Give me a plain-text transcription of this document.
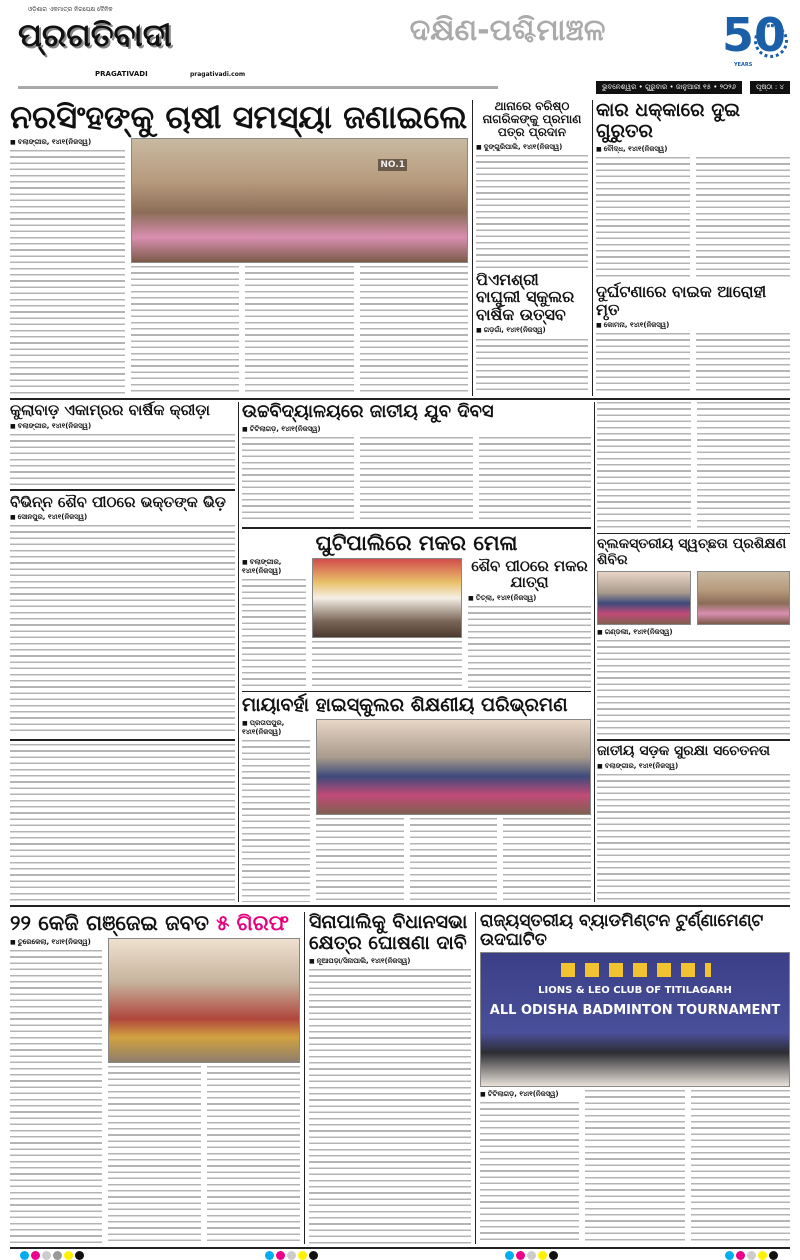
ଓଡ଼ିଶାର ଏକମାତ୍ର ନିରପେକ୍ଷ ଦୈନିକ
ପ୍ରଗତିବାଦୀ
PRAGATIVADI	pragativadi.com
ଦକ୍ଷିଣ-ପଶ୍ଚିମାଞ୍ଚଳ	50
YEARS
ଭୁବନେଶ୍ୱର • ଗୁରୁବାର • ଜାନୁଆରୀ ୧୫ • ୨୦୨୬	ପୃଷ୍ଠା : ୪
ନରସିଂହଙ୍କୁ ଚାଷୀ ସମସ୍ୟା ଜଣାଇଲେ
■ ବଲାଙ୍ଗୀର, ୧୪ା୧(ନିଜସ୍ୱ)
NO.1
ଥାନାରେ ବରିଷ୍ଠ ନାଗରିକଙ୍କୁ ପ୍ରମାଣ ପତ୍ର ପ୍ରଦାନ
■ ଦୁଙ୍ଗୁରିପାଲି, ୧୪ା୧(ନିଜସ୍ୱ)
ପିଏମଶ୍ରୀ ବାଘୁଲୀ ସ୍କୁଲର ବାର୍ଷିକ ଉତ୍ସବ
■ ଗଡ଼ଗାଁ, ୧୪ା୧(ନିଜସ୍ୱ)
କାର ଧକ୍କାରେ ଦୁଇ ଗୁରୁତର
■ ବୌଦ୍ଧ, ୧୪ା୧(ନିଜସ୍ୱ)
ଦୁର୍ଘଟଣାରେ ବାଇକ ଆରୋହୀ ମୃତ
■ କୋମନା, ୧୪ା୧(ନିଜସ୍ୱ)
କୁଲାବାଡ଼ ଏକାମ୍ରର ବାର୍ଷିକ କ୍ରୀଡ଼ା
■ ବଲାଙ୍ଗୀର, ୧୪ା୧(ନିଜସ୍ୱ)
ବିଭିନ୍ନ ଶୈବ ପୀଠରେ ଭକ୍ତଙ୍କ ଭିଡ଼
■ ସୋନପୁର, ୧୪ା୧(ନିଜସ୍ୱ)
ଉଚ୍ଚବିଦ୍ୟାଳୟରେ ଜାତୀୟ ଯୁବ ଦିବସ
■ ଟିଟିଲାଗଡ଼, ୧୪ା୧(ନିଜସ୍ୱ)
ଘୁଟିପାଲିରେ ମକର ମେଳା
■ ବଲାଙ୍ଗୀର, ୧୪ା୧(ନିଜସ୍ୱ)	ଶୈବ ପୀଠରେ ମକର ଯାତ୍ରା
■ ତିତ୍ଲା, ୧୪ା୧(ନିଜସ୍ୱ)
ମାୟାବର୍ହା ହାଇସ୍କୁଲର ଶିକ୍ଷଣୀୟ ପରିଭ୍ରମଣ
■ ପ୍ରତାପପୁର, ୧୪ା୧(ନିଜସ୍ୱ)
ବ୍ଲକସ୍ତରୀୟ ସ୍ୱଚ୍ଛତା ପ୍ରଶିକ୍ଷଣ ଶିବିର
■ ଗଣ୍ଡଲୀ, ୧୪ା୧(ନିଜସ୍ୱ)
ଜାତୀୟ ସଡ଼କ ସୁରକ୍ଷା ସଚେତନତା
■ ବଲାଙ୍ଗୀର, ୧୪ା୧(ନିଜସ୍ୱ)
୨୨ କେଜି ଗଞ୍ଜେଇ ଜବତ ୫ ଗିରଫ
■ ତୁରେକେଲା, ୧୪ା୧(ନିଜସ୍ୱ)
ସିନାପାଲିକୁ ବିଧାନସଭା କ୍ଷେତ୍ର ଘୋଷଣା ଦାବି
■ ନୂଆପଡ଼ା/ସିନାପାଲି, ୧୪ା୧(ନିଜସ୍ୱ)
ରାଜ୍ୟସ୍ତରୀୟ ବ୍ୟାଡମିଣ୍ଟନ ଟୁର୍ଣ୍ଣାମେଣ୍ଟ ଉଦଘାଟିତ
LIONS & LEO CLUB OF TITILAGARH
ALL ODISHA BADMINTON TOURNAMENT
■ ଟିଟିଲାଗଡ଼, ୧୪ା୧(ନିଜସ୍ୱ)
